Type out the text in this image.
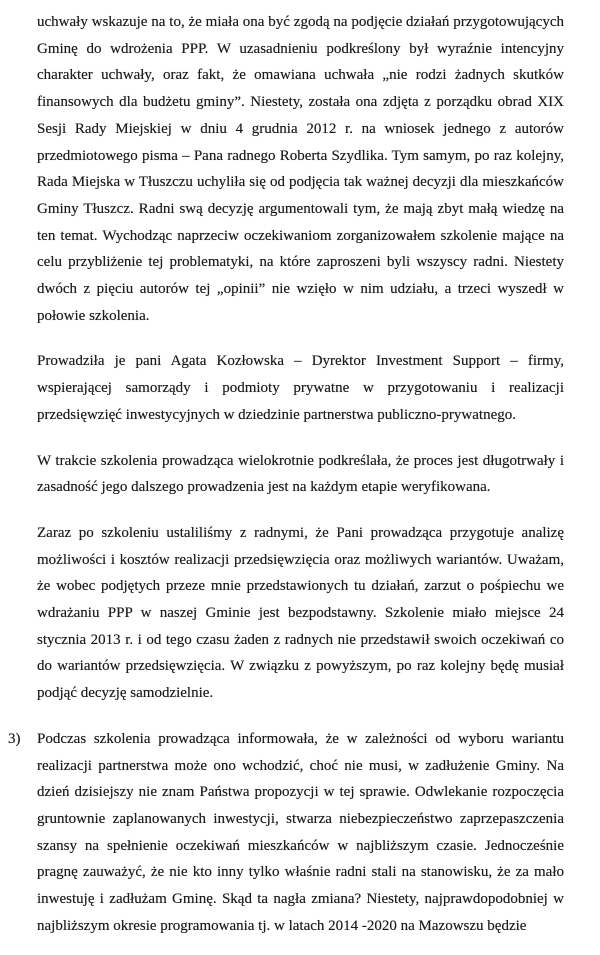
uchwały wskazuje na to, że miała ona być zgodą na podjęcie działań przygotowujących Gminę do wdrożenia PPP. W uzasadnieniu podkreślony był wyraźnie intencyjny charakter uchwały, oraz fakt, że omawiana uchwała „nie rodzi żadnych skutków finansowych dla budżetu gminy”. Niestety, została ona zdjęta z porządku obrad XIX Sesji Rady Miejskiej w dniu 4 grudnia 2012 r. na wniosek jednego z autorów przedmiotowego pisma – Pana radnego Roberta Szydlika. Tym samym, po raz kolejny, Rada Miejska w Tłuszczu uchyliła się od podjęcia tak ważnej decyzji dla mieszkańców Gminy Tłuszcz. Radni swą decyzję argumentowali tym, że mają zbyt małą wiedzę na ten temat. Wychodząc naprzeciw oczekiwaniom zorganizowałem szkolenie mające na celu przybliżenie tej problematyki, na które zaproszeni byli wszyscy radni. Niestety dwóch z pięciu autorów tej „opinii” nie wzięło w nim udziału, a trzeci wyszedł w połowie szkolenia.

Prowadziła je pani Agata Kozłowska – Dyrektor Investment Support – firmy, wspierającej samorządy i podmioty prywatne w przygotowaniu i realizacji przedsięwzięć inwestycyjnych w dziedzinie partnerstwa publiczno-prywatnego.

W trakcie szkolenia prowadząca wielokrotnie podkreślała, że proces jest długotrwały i zasadność jego dalszego prowadzenia jest na każdym etapie weryfikowana.

Zaraz po szkoleniu ustaliliśmy z radnymi, że Pani prowadząca przygotuje analizę możliwości i kosztów realizacji przedsięwzięcia oraz możliwych wariantów. Uważam, że wobec podjętych przeze mnie przedstawionych tu działań, zarzut o pośpiechu we wdrażaniu PPP w naszej Gminie jest bezpodstawny. Szkolenie miało miejsce 24 stycznia 2013 r. i od tego czasu żaden z radnych nie przedstawił swoich oczekiwań co do wariantów przedsięwzięcia. W związku z powyższym, po raz kolejny będę musiał podjąć decyzję samodzielnie.

3) Podczas szkolenia prowadząca informowała, że w zależności od wyboru wariantu realizacji partnerstwa może ono wchodzić, choć nie musi, w zadłużenie Gminy. Na dzień dzisiejszy nie znam Państwa propozycji w tej sprawie. Odwlekanie rozpoczęcia gruntownie zaplanowanych inwestycji, stwarza niebezpieczeństwo zaprzepaszczenia szansy na spełnienie oczekiwań mieszkańców w najbliższym czasie. Jednocześnie pragnę zauważyć, że nie kto inny tylko właśnie radni stali na stanowisku, że za mało inwestuję i zadłużam Gminę. Skąd ta nagła zmiana? Niestety, najprawdopodobniej w najbliższym okresie programowania tj. w latach 2014 -2020 na Mazowszu będzie
